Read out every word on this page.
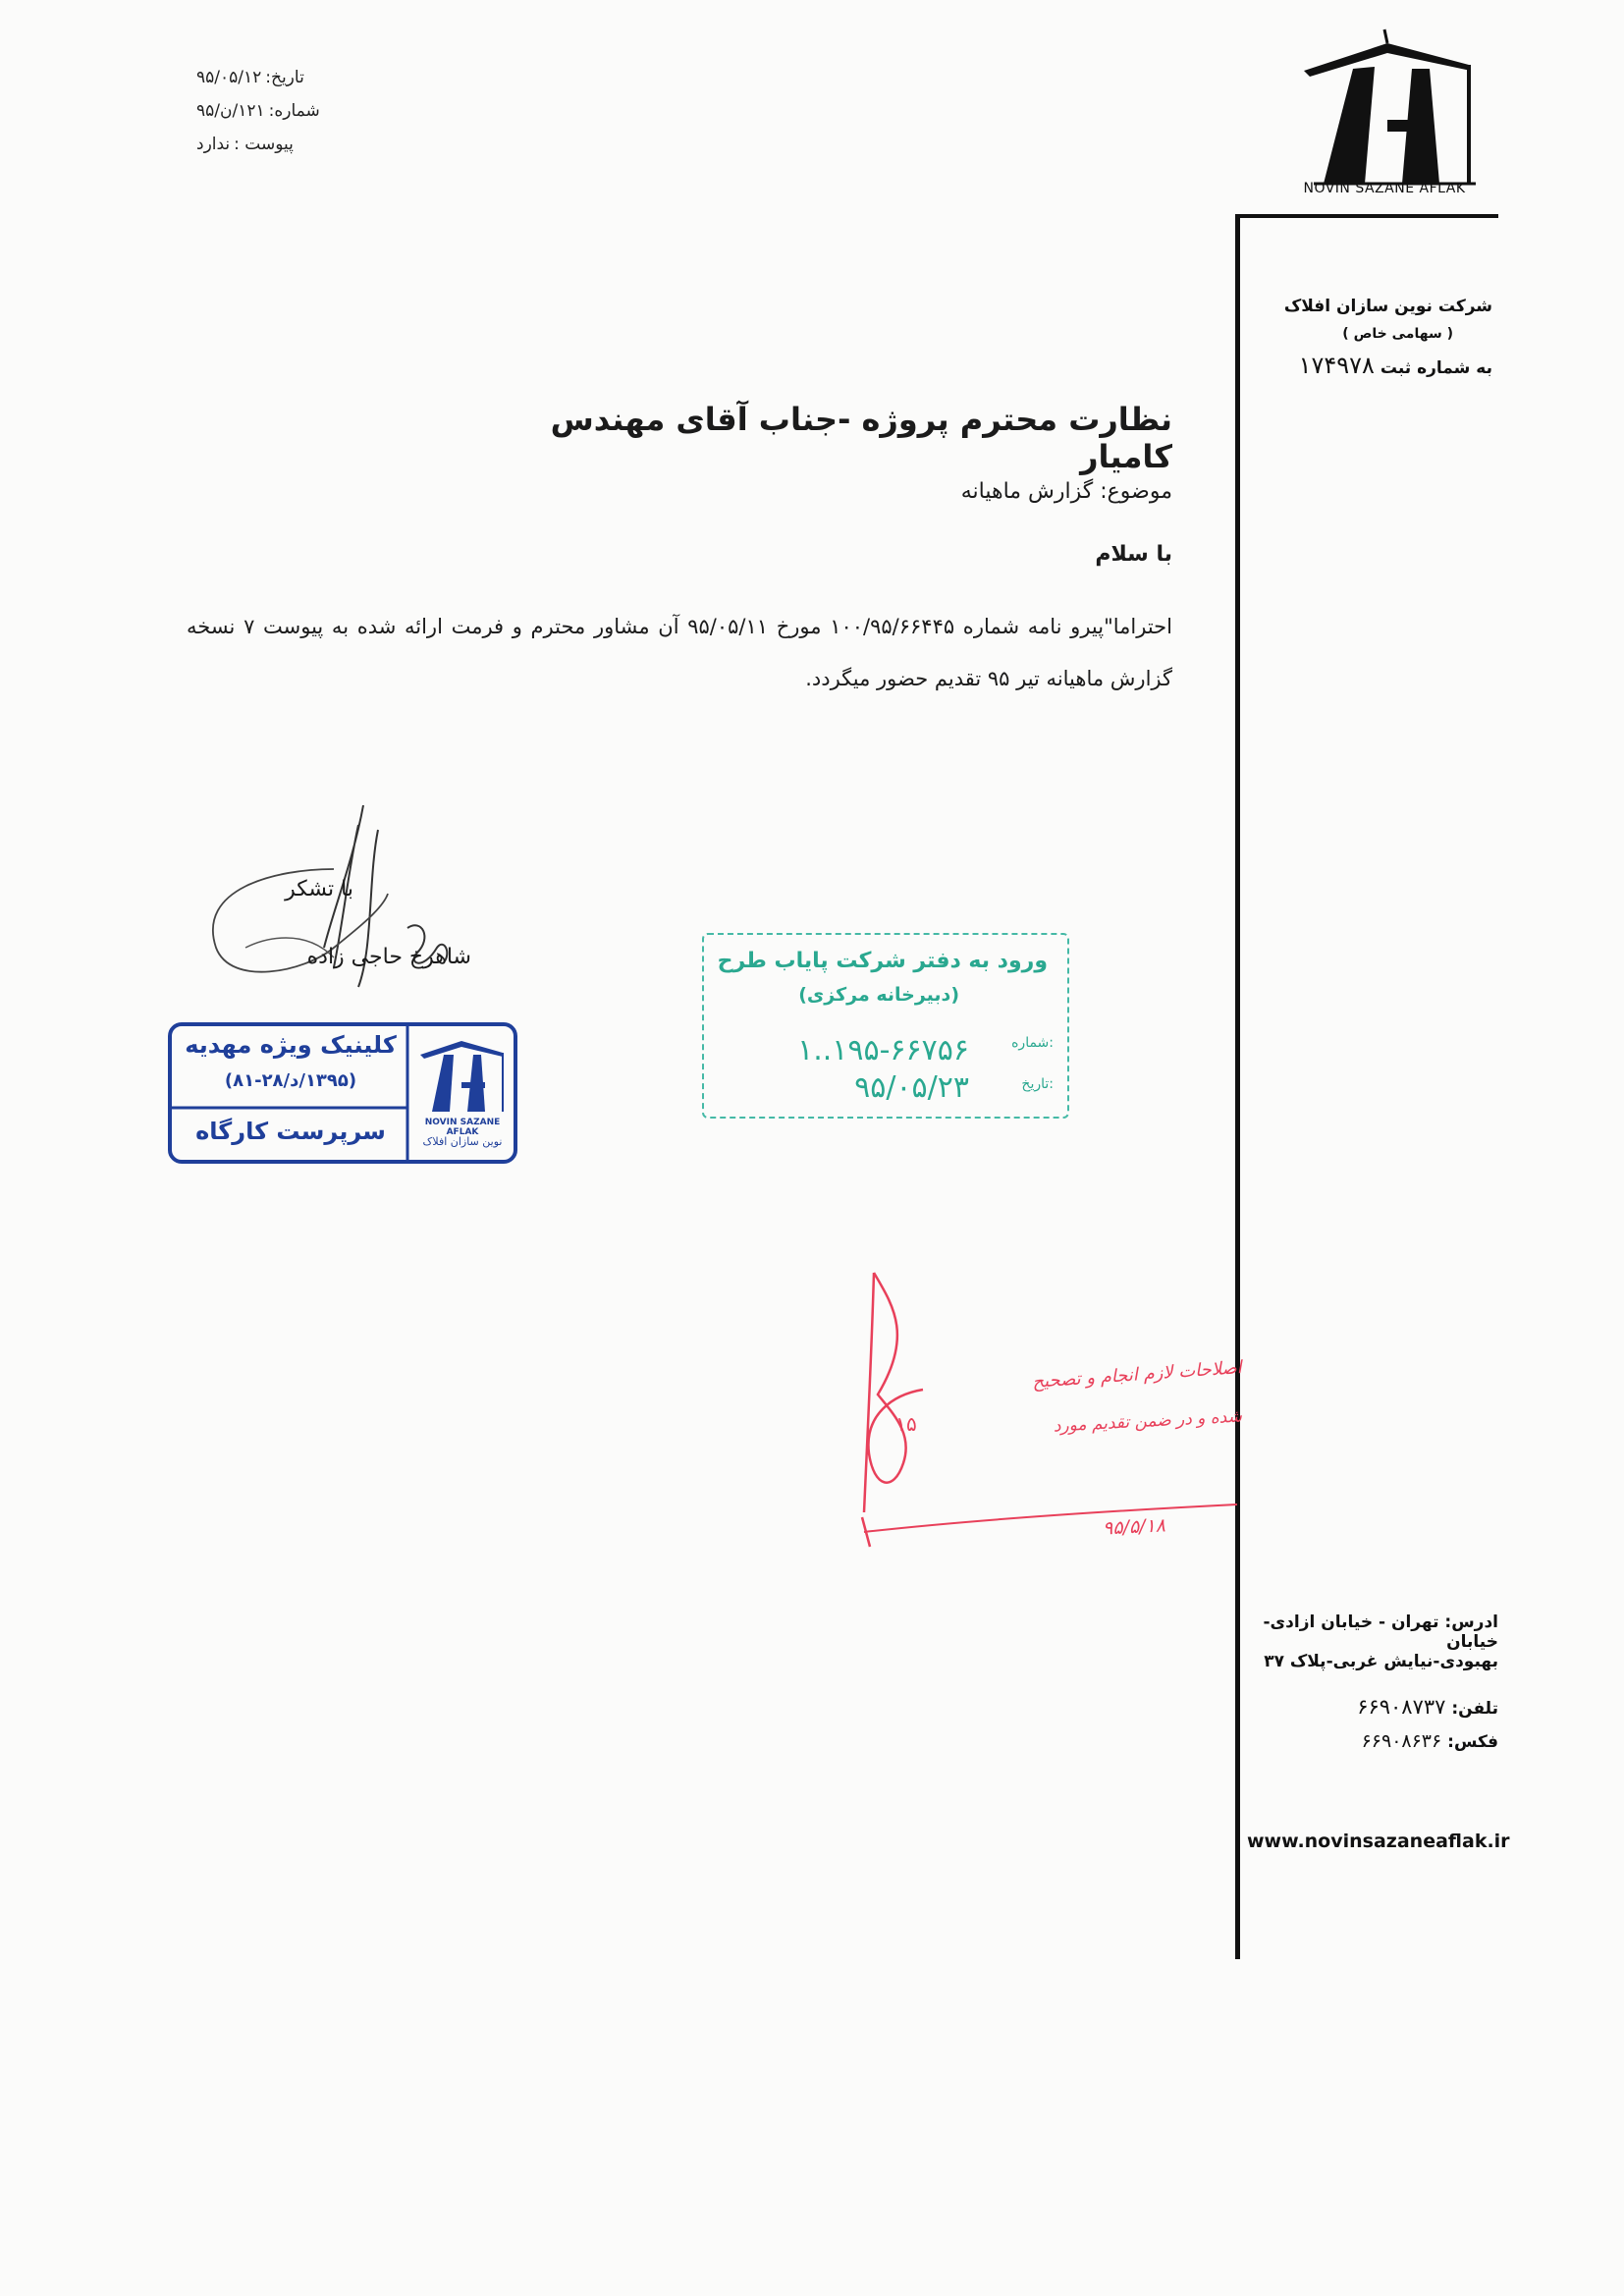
تاریخ:
۹۵/۰۵/۱۲
شماره:
۱۲۱/ن/۹۵
پیوست :
ندارد
NOVIN SAZANE AFLAK
شرکت نوین سازان افلاک
( سهامی خاص )
به شماره ثبت ۱۷۴۹۷۸
نظارت محترم پروژه -جناب آقای مهندس کامیار
موضوع: گزارش ماهیانه
با سلام
احتراما"پیرو نامه شماره ۱۰۰/۹۵/۶۶۴۴۵ مورخ ۹۵/۰۵/۱۱ آن مشاور محترم و فرمت ارائه شده به پیوست ۷ نسخه گزارش ماهیانه تیر ۹۵ تقدیم حضور میگردد.
با تشکر
شاهرخ حاجی زاده
کلینیک ویژه مهدیه
(۱۳۹۵/د/۲۸-۸۱)
سرپرست کارگاه	NOVIN SAZANE AFLAK
نوین سازان افلاک
ورود به دفتر شرکت پایاب طرح
(دبیرخانه مرکزی)
شماره:
تاریخ:
۱..۱۹۵-۶۶۷۵۶
۹۵/۰۵/۲۳
۱۵
اصلاحات لازم انجام و تصحیح
شده و در ضمن تقدیم مورد
۹۵/۵/۱۸
ادرس: تهران - خیابان ازادی-خیابان
بهبودی-نیایش غربی-پلاک ۳۷
تلفن: ۶۶۹۰۸۷۳۷
فکس: ۶۶۹۰۸۶۳۶
www.novinsazaneaflak.ir
